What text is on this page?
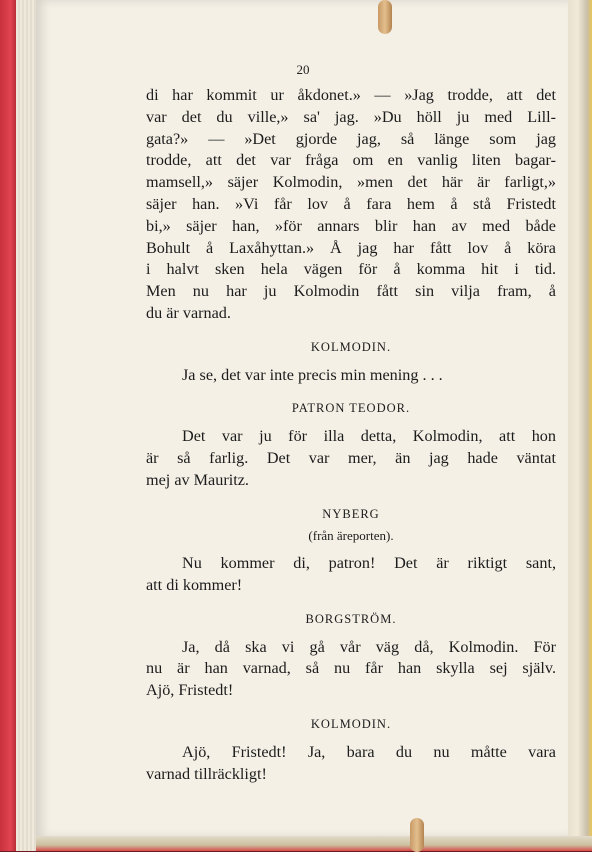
20
di har kommit ur åkdonet.» — »Jag trodde, att det
var det du ville,» sa' jag. »Du höll ju med Lill-
gata?» — »Det gjorde jag, så länge som jag
trodde, att det var fråga om en vanlig liten bagar-
mamsell,» säjer Kolmodin, »men det här är farligt,»
säjer han. »Vi får lov å fara hem å stå Fristedt
bi,» säjer han, »för annars blir han av med både
Bohult å Laxåhyttan.» Å jag har fått lov å köra
i halvt sken hela vägen för å komma hit i tid.
Men nu har ju Kolmodin fått sin vilja fram, å
du är varnad.
KOLMODIN.
Ja se, det var inte precis min mening . . .
PATRON TEODOR.
Det var ju för illa detta, Kolmodin, att hon
är så farlig. Det var mer, än jag hade väntat
mej av Mauritz.
NYBERG
(från äreporten).
Nu kommer di, patron! Det är riktigt sant,
att di kommer!
BORGSTRÖM.
Ja, då ska vi gå vår väg då, Kolmodin. För
nu är han varnad, så nu får han skylla sej själv.
Ajö, Fristedt!
KOLMODIN.
Ajö, Fristedt! Ja, bara du nu måtte vara
varnad tillräckligt!
